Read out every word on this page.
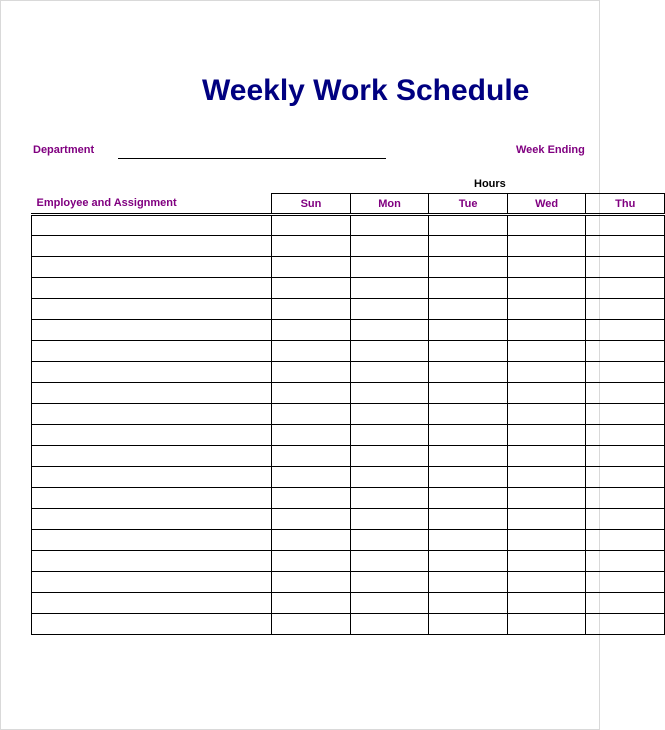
Weekly Work Schedule
Department	Week Ending
Hours
Employee and Assignment	Sun	Mon	Tue	Wed	Thu
